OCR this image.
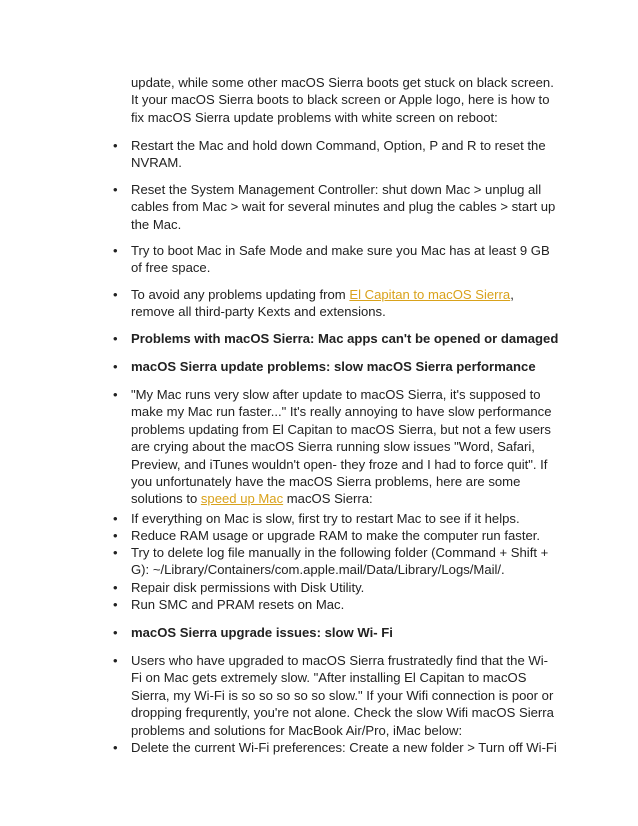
update, while some other macOS Sierra boots get stuck on black screen.
It your macOS Sierra boots to black screen or Apple logo, here is how to
fix macOS Sierra update problems with white screen on reboot:
• Restart the Mac and hold down Command, Option, P and R to reset the
NVRAM.
• Reset the System Management Controller: shut down Mac > unplug all
cables from Mac > wait for several minutes and plug the cables > start up
the Mac.
• Try to boot Mac in Safe Mode and make sure you Mac has at least 9 GB
of free space.
• To avoid any problems updating from El Capitan to macOS Sierra,
remove all third-party Kexts and extensions.
• Problems with macOS Sierra: Mac apps can't be opened or damaged
• macOS Sierra update problems: slow macOS Sierra performance
• "My Mac runs very slow after update to macOS Sierra, it's supposed to
make my Mac run faster..." It's really annoying to have slow performance
problems updating from El Capitan to macOS Sierra, but not a few users
are crying about the macOS Sierra running slow issues "Word, Safari,
Preview, and iTunes wouldn't open- they froze and I had to force quit". If
you unfortunately have the macOS Sierra problems, here are some
solutions to speed up Mac macOS Sierra:
• If everything on Mac is slow, first try to restart Mac to see if it helps.
• Reduce RAM usage or upgrade RAM to make the computer run faster.
• Try to delete log file manually in the following folder (Command + Shift +
G): ~/Library/Containers/com.apple.mail/Data/Library/Logs/Mail/.
• Repair disk permissions with Disk Utility.
• Run SMC and PRAM resets on Mac.
• macOS Sierra upgrade issues: slow Wi- Fi
• Users who have upgraded to macOS Sierra frustratedly find that the Wi-
Fi on Mac gets extremely slow. "After installing El Capitan to macOS
Sierra, my Wi-Fi is so so so so so slow." If your Wifi connection is poor or
dropping frequrently, you're not alone. Check the slow Wifi macOS Sierra
problems and solutions for MacBook Air/Pro, iMac below:
• Delete the current Wi-Fi preferences: Create a new folder > Turn off Wi-Fi
